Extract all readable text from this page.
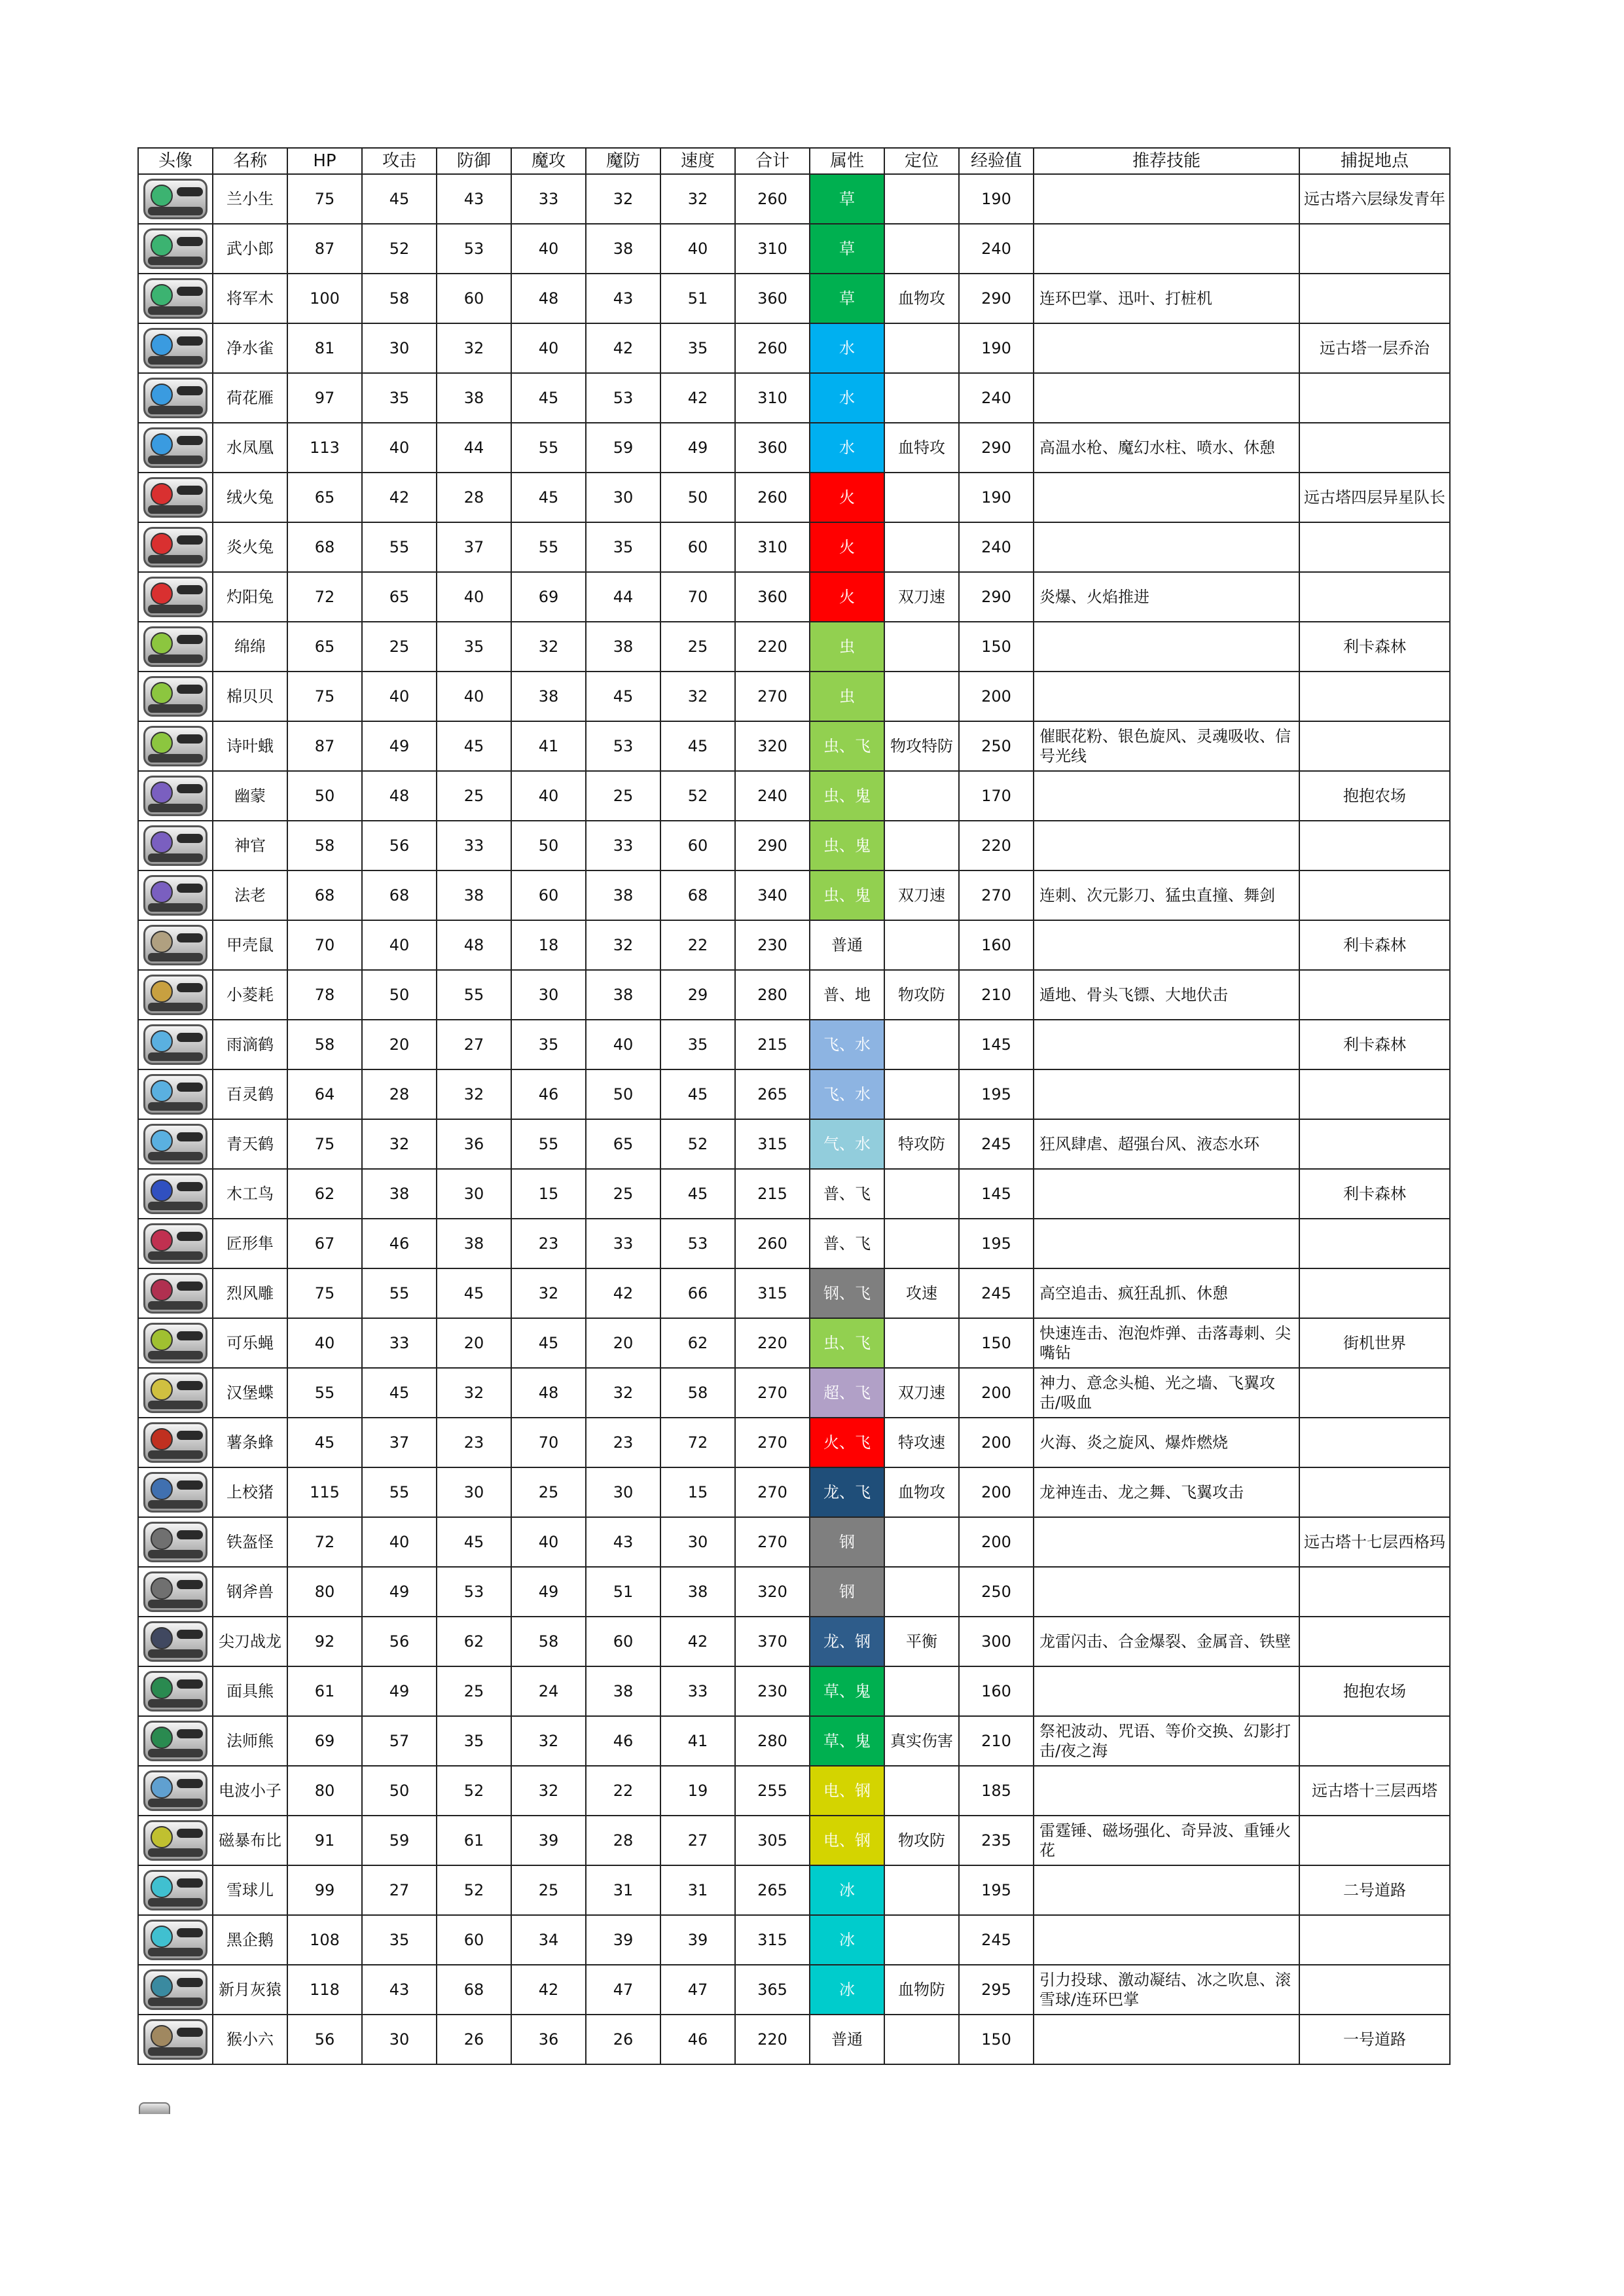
头像	名称	HP	攻击	防御	魔攻	魔防	速度	合计	属性	定位	经验值	推荐技能	捕捉地点

	兰小生	75	45	43	33	32	32	260	草		190		远古塔六层绿发青年

	武小郎	87	52	53	40	38	40	310	草		240		

	将军木	100	58	60	48	43	51	360	草	血物攻	290	连环巴掌、迅叶、打桩机	

	净水雀	81	30	32	40	42	35	260	水		190		远古塔一层乔治

	荷花雁	97	35	38	45	53	42	310	水		240		

	水凤凰	113	40	44	55	59	49	360	水	血特攻	290	高温水枪、魔幻水柱、喷水、休憩	

	绒火兔	65	42	28	45	30	50	260	火		190		远古塔四层异星队长

	炎火兔	68	55	37	55	35	60	310	火		240		

	灼阳兔	72	65	40	69	44	70	360	火	双刀速	290	炎爆、火焰推进	

	绵绵	65	25	35	32	38	25	220	虫		150		利卡森林

	棉贝贝	75	40	40	38	45	32	270	虫		200		

	诗叶蛾	87	49	45	41	53	45	320	虫、飞	物攻特防	250	催眠花粉、银色旋风、灵魂吸收、信号光线	

	幽蒙	50	48	25	40	25	52	240	虫、鬼		170		抱抱农场

	神官	58	56	33	50	33	60	290	虫、鬼		220		

	法老	68	68	38	60	38	68	340	虫、鬼	双刀速	270	连刺、次元影刀、猛虫直撞、舞剑	

	甲壳鼠	70	40	48	18	32	22	230	普通		160		利卡森林

	小菱耗	78	50	55	30	38	29	280	普、地	物攻防	210	遁地、骨头飞镖、大地伏击	

	雨滴鹤	58	20	27	35	40	35	215	飞、水		145		利卡森林

	百灵鹤	64	28	32	46	50	45	265	飞、水		195		

	青天鹤	75	32	36	55	65	52	315	气、水	特攻防	245	狂风肆虐、超强台风、液态水环	

	木工鸟	62	38	30	15	25	45	215	普、飞		145		利卡森林

	匠形隼	67	46	38	23	33	53	260	普、飞		195		

	烈风雕	75	55	45	32	42	66	315	钢、飞	攻速	245	高空追击、疯狂乱抓、休憩	

	可乐蝇	40	33	20	45	20	62	220	虫、飞		150	快速连击、泡泡炸弹、击落毒刺、尖嘴钻	街机世界

	汉堡蝶	55	45	32	48	32	58	270	超、飞	双刀速	200	神力、意念头槌、光之墙、飞翼攻击/吸血	

	薯条蜂	45	37	23	70	23	72	270	火、飞	特攻速	200	火海、炎之旋风、爆炸燃烧	

	上校猪	115	55	30	25	30	15	270	龙、飞	血物攻	200	龙神连击、龙之舞、飞翼攻击	

	铁盔怪	72	40	45	40	43	30	270	钢		200		远古塔十七层西格玛

	钢斧兽	80	49	53	49	51	38	320	钢		250		

	尖刀战龙	92	56	62	58	60	42	370	龙、钢	平衡	300	龙雷闪击、合金爆裂、金属音、铁壁	

	面具熊	61	49	25	24	38	33	230	草、鬼		160		抱抱农场

	法师熊	69	57	35	32	46	41	280	草、鬼	真实伤害	210	祭祀波动、咒语、等价交换、幻影打击/夜之海	

	电波小子	80	50	52	32	22	19	255	电、钢		185		远古塔十三层西塔

	磁暴布比	91	59	61	39	28	27	305	电、钢	物攻防	235	雷霆锤、磁场强化、奇异波、重锤火花	

	雪球儿	99	27	52	25	31	31	265	冰		195		二号道路

	黑企鹅	108	35	60	34	39	39	315	冰		245		

	新月灰猿	118	43	68	42	47	47	365	冰	血物防	295	引力投球、激动凝结、冰之吹息、滚雪球/连环巴掌	

	猴小六	56	30	26	36	26	46	220	普通		150		一号道路
